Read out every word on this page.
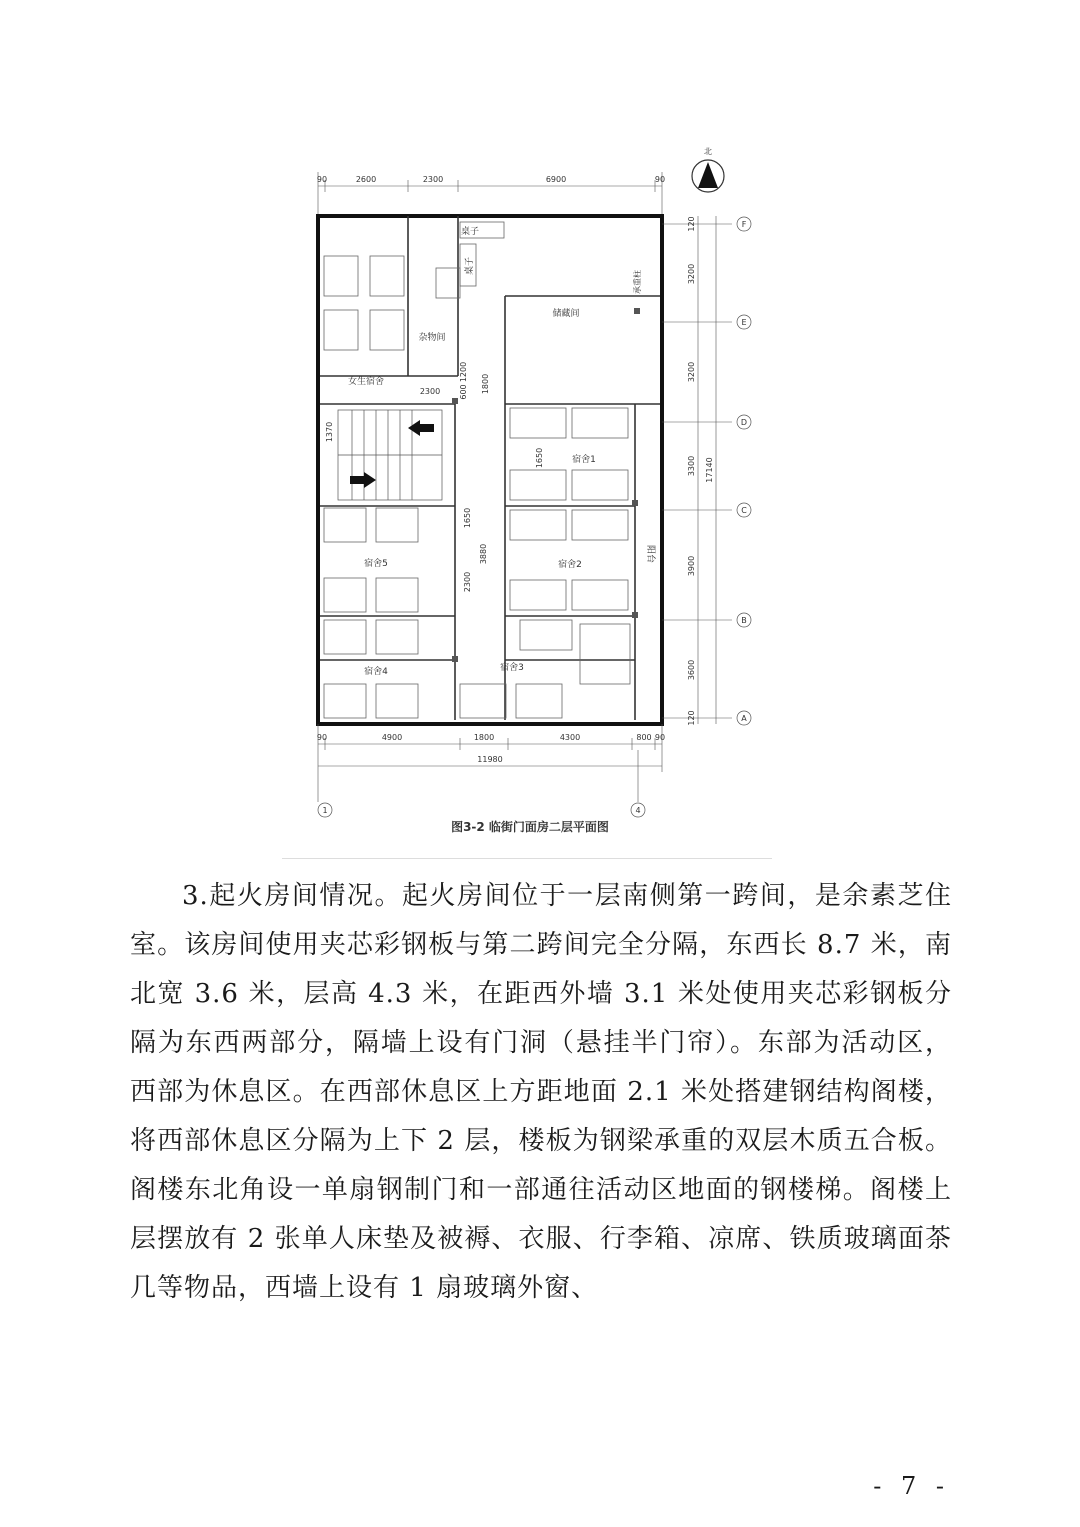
北
90	2600	2300	6900	90
120
3200
3200
3300
3900
3600
120
17140
F
E
D
C
B
A
1	4
90	4900	1800	4300	800 90
11980
2300
1370
1800
600
1200
3880
1650
2300
1650
桌子
桌子
承重柱
储藏间
杂物间
女生宿舍
宿舍1
宿舍2
宿舍3
宿舍4
宿舍5
阳台
图3-2 临街门面房二层平面图

3.起火房间情况。起火房间位于一层南侧第一跨间，是余素芝住室。该房间使用夹芯彩钢板与第二跨间完全分隔，东西长 8.7 米，南北宽 3.6 米，层高 4.3 米，在距西外墙 3.1 米处使用夹芯彩钢板分隔为东西两部分，隔墙上设有门洞（悬挂半门帘）。东部为活动区，西部为休息区。在西部休息区上方距地面 2.1 米处搭建钢结构阁楼，将西部休息区分隔为上下 2 层，楼板为钢梁承重的双层木质五合板。阁楼东北角设一单扇钢制门和一部通往活动区地面的钢楼梯。阁楼上层摆放有 2 张单人床垫及被褥、衣服、行李箱、凉席、铁质玻璃面茶几等物品，西墙上设有 1 扇玻璃外窗、

- 7 -
